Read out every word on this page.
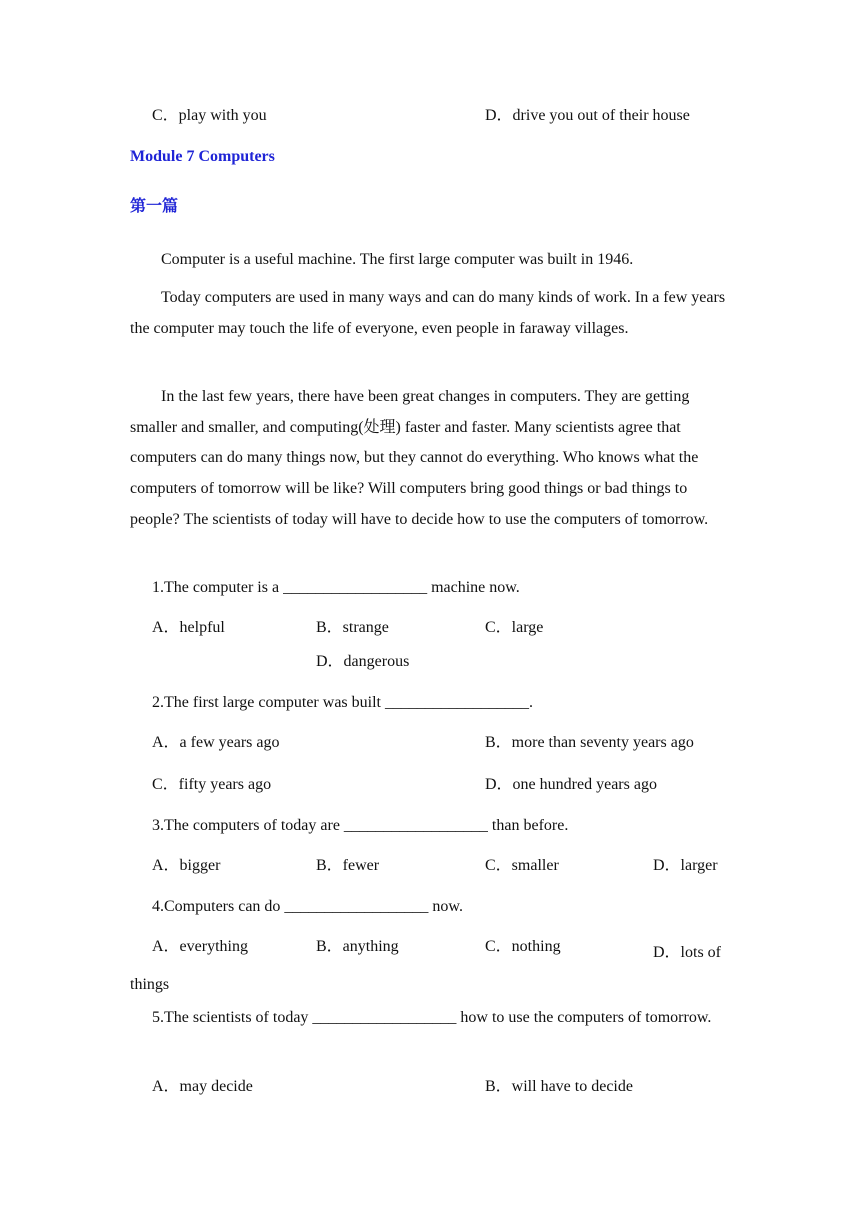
C．play with you	D．drive you out of their house
Module 7 Computers
第一篇
Computer is a useful machine. The first large computer was built in 1946.
Today computers are used in many ways and can do many kinds of work. In a few years the computer may touch the life of everyone, even people in faraway villages.
In the last few years, there have been great changes in computers. They are getting smaller and smaller, and computing(处理) faster and faster. Many scientists agree that computers can do many things now, but they cannot do everything. Who knows what the computers of tomorrow will be like? Will computers bring good things or bad things to people? The scientists of today will have to decide how to use the computers of tomorrow.
1.The computer is a __________________ machine now.
A．helpful	B．strange	C．large
D．dangerous
2.The first large computer was built __________________.
A．a few years ago	B．more than seventy years ago
C．fifty years ago	D．one hundred years ago
3.The computers of today are __________________ than before.
A．bigger	B．fewer	C．smaller	D．larger
4.Computers can do __________________ now.
A．everything	B．anything	C．nothing	D．lots of
things
5.The scientists of today __________________ how to use the computers of tomorrow.
A．may decide	B．will have to decide
